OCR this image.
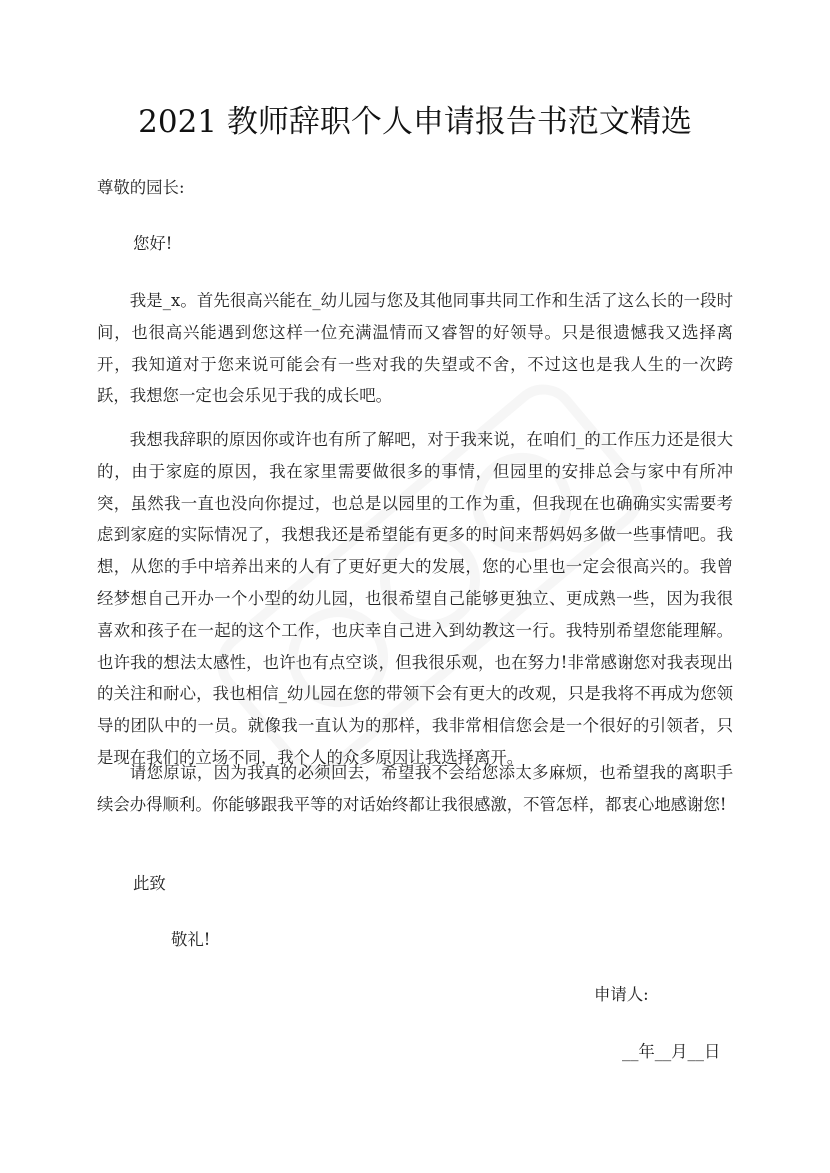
2021 教师辞职个人申请报告书范文精选

尊敬的园长:

您好!

我是_x。首先很高兴能在_幼儿园与您及其他同事共同工作和生活了这么长的一段时间，也很高兴能遇到您这样一位充满温情而又睿智的好领导。只是很遗憾我又选择离开，我知道对于您来说可能会有一些对我的失望或不舍，不过这也是我人生的一次跨跃，我想您一定也会乐见于我的成长吧。

我想我辞职的原因你或许也有所了解吧，对于我来说，在咱们_的工作压力还是很大的，由于家庭的原因，我在家里需要做很多的事情，但园里的安排总会与家中有所冲突，虽然我一直也没向你提过，也总是以园里的工作为重，但我现在也确确实实需要考虑到家庭的实际情况了，我想我还是希望能有更多的时间来帮妈妈多做一些事情吧。我想，从您的手中培养出来的人有了更好更大的发展，您的心里也一定会很高兴的。我曾经梦想自己开办一个小型的幼儿园，也很希望自己能够更独立、更成熟一些，因为我很喜欢和孩子在一起的这个工作，也庆幸自己进入到幼教这一行。我特别希望您能理解。也许我的想法太感性，也许也有点空谈，但我很乐观，也在努力!非常感谢您对我表现出的关注和耐心，我也相信_幼儿园在您的带领下会有更大的改观，只是我将不再成为您领导的团队中的一员。就像我一直认为的那样，我非常相信您会是一个很好的引领者，只是现在我们的立场不同，我个人的众多原因让我选择离开。

请您原谅，因为我真的必须回去，希望我不会给您添太多麻烦，也希望我的离职手续会办得顺利。你能够跟我平等的对话始终都让我很感激，不管怎样，都衷心地感谢您!

此致

敬礼!

申请人:

__年__月__日
